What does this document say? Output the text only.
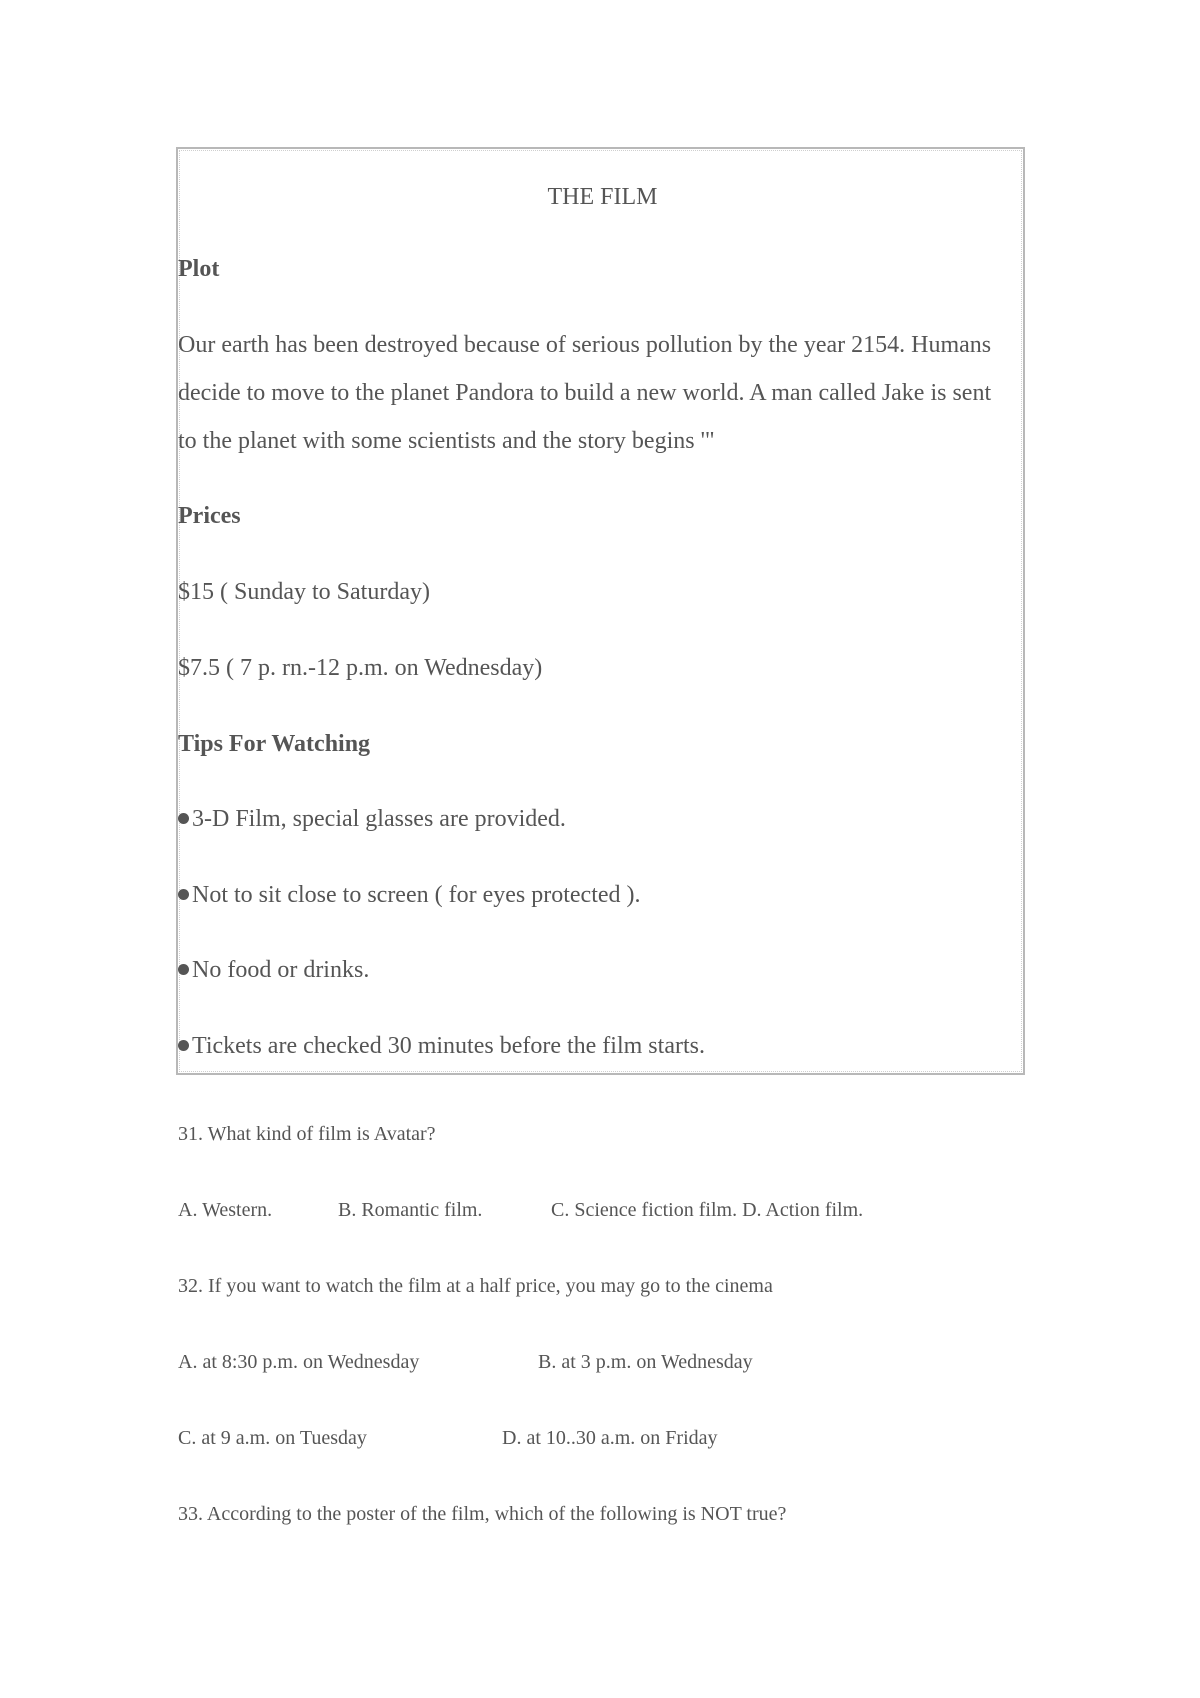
THE FILM
Plot
Our earth has been destroyed because of serious pollution by the year 2154. Humans
decide to move to the planet Pandora to build a new world. A man called Jake is sent
to the planet with some scientists and the story begins '"
Prices
$15 ( Sunday to Saturday)
$7.5 ( 7 p. rn.-12 p.m. on Wednesday)
Tips For Watching
3-D Film, special glasses are provided.
Not to sit close to screen ( for eyes protected ).
No food or drinks.
Tickets are checked 30 minutes before the film starts.
31. What kind of film is Avatar?
A. Western.	B. Romantic film.	C. Science fiction film. D. Action film.
32. If you want to watch the film at a half price, you may go to the cinema
A. at 8:30 p.m. on Wednesday	B. at 3 p.m. on Wednesday
C. at 9 a.m. on Tuesday	D. at 10..30 a.m. on Friday
33. According to the poster of the film, which of the following is NOT true?
